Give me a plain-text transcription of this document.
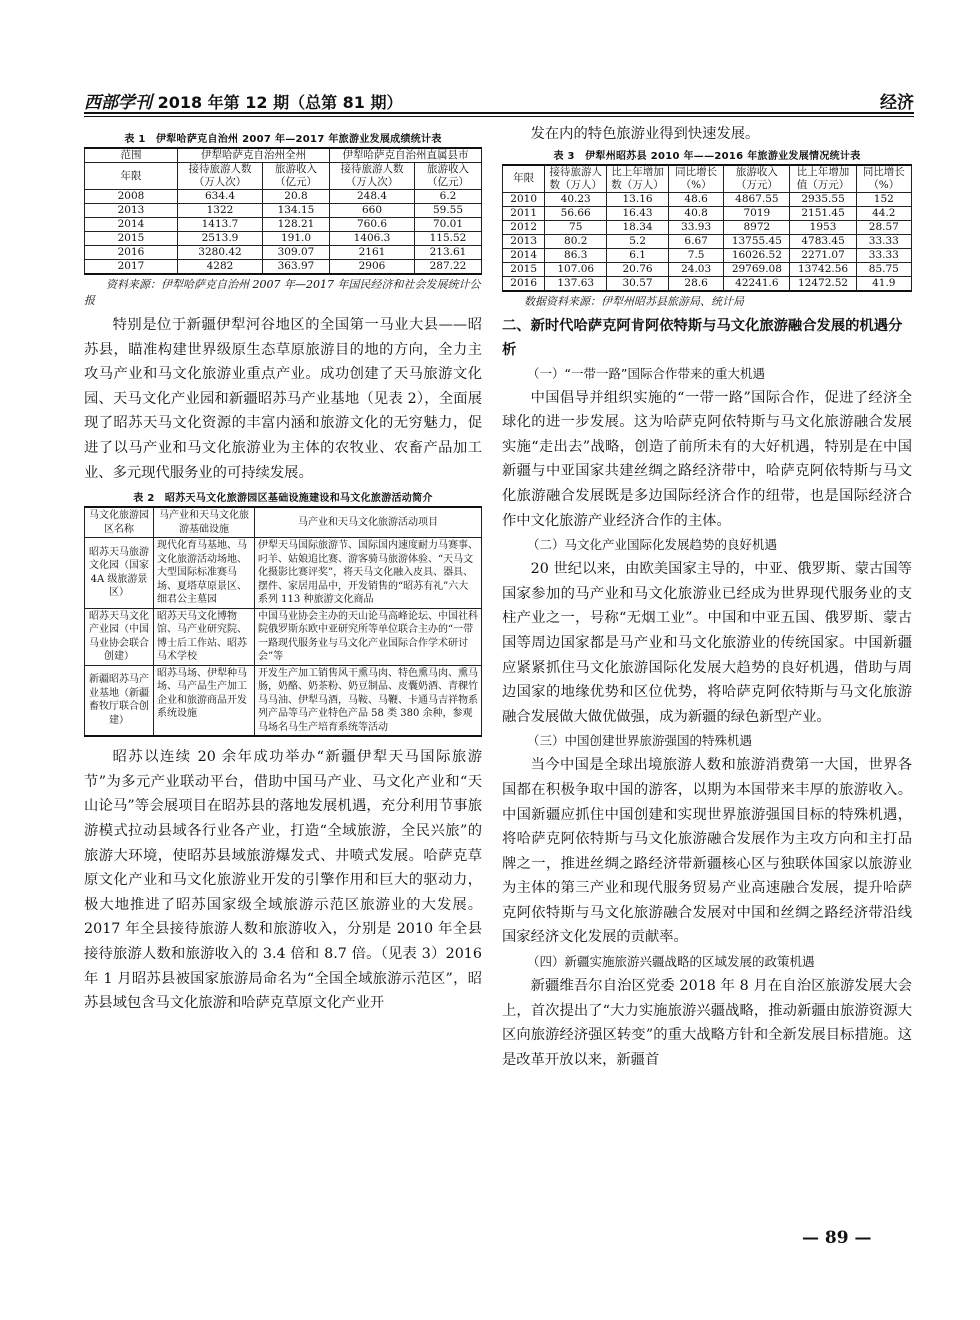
西部学刊 2018 年第 12 期（总第 81 期）	经济
表 1　伊犁哈萨克自治州 2007 年—2017 年旅游业发展成绩统计表
范围	伊犁哈萨克自治州全州		伊犁哈萨克自治州直属县市	
年限	接待旅游人数（万人次）	旅游收入（亿元）	接待旅游人数（万人次）	旅游收入（亿元）
2008	634.4	20.8	248.4	6.2
2013	1322	134.15	660	59.55
2014	1413.7	128.21	760.6	70.01
2015	2513.9	191.0	1406.3	115.52
2016	3280.42	309.07	2161	213.61
2017	4282	363.97	2906	287.22
资料来源：伊犁哈萨克自治州 2007 年—2017 年国民经济和社会发展统计公报

特别是位于新疆伊犁河谷地区的全国第一马业大县——昭苏县，瞄准构建世界级原生态草原旅游目的地的方向，全力主攻马产业和马文化旅游业重点产业。成功创建了天马旅游文化园、天马文化产业园和新疆昭苏马产业基地（见表 2），全面展现了昭苏天马文化资源的丰富内涵和旅游文化的无穷魅力，促进了以马产业和马文化旅游业为主体的农牧业、农畜产品加工业、多元现代服务业的可持续发展。

表 2　昭苏天马文化旅游园区基础设施建设和马文化旅游活动简介
马文化旅游园区名称	马产业和天马文化旅游基础设施	马产业和天马文化旅游活动项目
昭苏天马旅游文化园（国家 4A 级旅游景区）	现代化育马基地、马文化旅游活动场地、大型国际标准赛马场、夏塔草原景区、细君公主墓园	伊犁天马国际旅游节、国际国内速度耐力马赛事、叼羊、姑娘追比赛、游客骑马旅游体验、“天马文化摄影比赛评奖”，将天马文化融入皮具、器具、摆件、家居用品中，开发销售的“昭苏有礼”六大系列 113 种旅游文化商品
昭苏天马文化产业园（中国马业协会联合创建）	昭苏天马文化博物馆、马产业研究院、博士后工作站、昭苏马术学校	中国马业协会主办的天山论马高峰论坛、中国社科院俄罗斯东欧中亚研究所等单位联合主办的“一带一路现代服务业与马文化产业国际合作学术研讨会”等
新疆昭苏马产业基地（新疆畜牧厅联合创建）	昭苏马场、伊犁种马场、马产品生产加工企业和旅游商品开发系统设施	开发生产加工销售风干熏马肉、特色熏马肉、熏马肠，奶酪、奶茶粉、奶豆制品、皮囊奶酒、青稞竹马马油、伊犁马酒，马鞍、马鞭、卡通马吉祥物系列产品等马产业特色产品 58 类 380 余种，参观马场名马生产培育系统等活动

昭苏以连续 20 余年成功举办“新疆伊犁天马国际旅游节”为多元产业联动平台，借助中国马产业、马文化产业和“天山论马”等会展项目在昭苏县的落地发展机遇，充分利用节事旅游模式拉动县域各行业各产业，打造“全域旅游，全民兴旅”的旅游大环境，使昭苏县域旅游爆发式、井喷式发展。哈萨克草原文化产业和马文化旅游业开发的引擎作用和巨大的驱动力，极大地推进了昭苏国家级全域旅游示范区旅游业的大发展。2017 年全县接待旅游人数和旅游收入，分别是 2010 年全县接待旅游人数和旅游收入的 3.4 倍和 8.7 倍。（见表 3）2016 年 1 月昭苏县被国家旅游局命名为“全国全域旅游示范区”，昭苏县域包含马文化旅游和哈萨克草原文化产业开

发在内的特色旅游业得到快速发展。

表 3　伊犁州昭苏县 2010 年——2016 年旅游业发展情况统计表
年限	接待旅游人数（万人）	比上年增加数（万人）	同比增长（%）	旅游收入（万元）	比上年增加值（万元）	同比增长（%）
2010	40.23	13.16	48.6	4867.55	2935.55	152
2011	56.66	16.43	40.8	7019	2151.45	44.2
2012	75	18.34	33.93	8972	1953	28.57
2013	80.2	5.2	6.67	13755.45	4783.45	33.33
2014	86.3	6.1	7.5	16026.52	2271.07	33.33
2015	107.06	20.76	24.03	29769.08	13742.56	85.75
2016	137.63	30.57	28.6	42241.6	12472.52	41.9
数据资料来源：伊犁州昭苏县旅游局、统计局
二、新时代哈萨克阿肯阿依特斯与马文化旅游融合发展的机遇分析
（一）“一带一路”国际合作带来的重大机遇

中国倡导并组织实施的“一带一路”国际合作，促进了经济全球化的进一步发展。这为哈萨克阿依特斯与马文化旅游融合发展实施“走出去”战略，创造了前所未有的大好机遇，特别是在中国新疆与中亚国家共建丝绸之路经济带中，哈萨克阿依特斯与马文化旅游融合发展既是多边国际经济合作的纽带，也是国际经济合作中文化旅游产业经济合作的主体。

（二）马文化产业国际化发展趋势的良好机遇

20 世纪以来，由欧美国家主导的，中亚、俄罗斯、蒙古国等国家参加的马产业和马文化旅游业已经成为世界现代服务业的支柱产业之一，号称“无烟工业”。中国和中亚五国、俄罗斯、蒙古国等周边国家都是马产业和马文化旅游业的传统国家。中国新疆应紧紧抓住马文化旅游国际化发展大趋势的良好机遇，借助与周边国家的地缘优势和区位优势，将哈萨克阿依特斯与马文化旅游融合发展做大做优做强，成为新疆的绿色新型产业。

（三）中国创建世界旅游强国的特殊机遇

当今中国是全球出境旅游人数和旅游消费第一大国，世界各国都在积极争取中国的游客，以期为本国带来丰厚的旅游收入。中国新疆应抓住中国创建和实现世界旅游强国目标的特殊机遇，将哈萨克阿依特斯与马文化旅游融合发展作为主攻方向和主打品牌之一，推进丝绸之路经济带新疆核心区与独联体国家以旅游业为主体的第三产业和现代服务贸易产业高速融合发展，提升哈萨克阿依特斯与马文化旅游融合发展对中国和丝绸之路经济带沿线国家经济文化发展的贡献率。

（四）新疆实施旅游兴疆战略的区域发展的政策机遇

新疆维吾尔自治区党委 2018 年 8 月在自治区旅游发展大会上，首次提出了“大力实施旅游兴疆战略，推动新疆由旅游资源大区向旅游经济强区转变”的重大战略方针和全新发展目标措施。这是改革开放以来，新疆首

— 89 —
